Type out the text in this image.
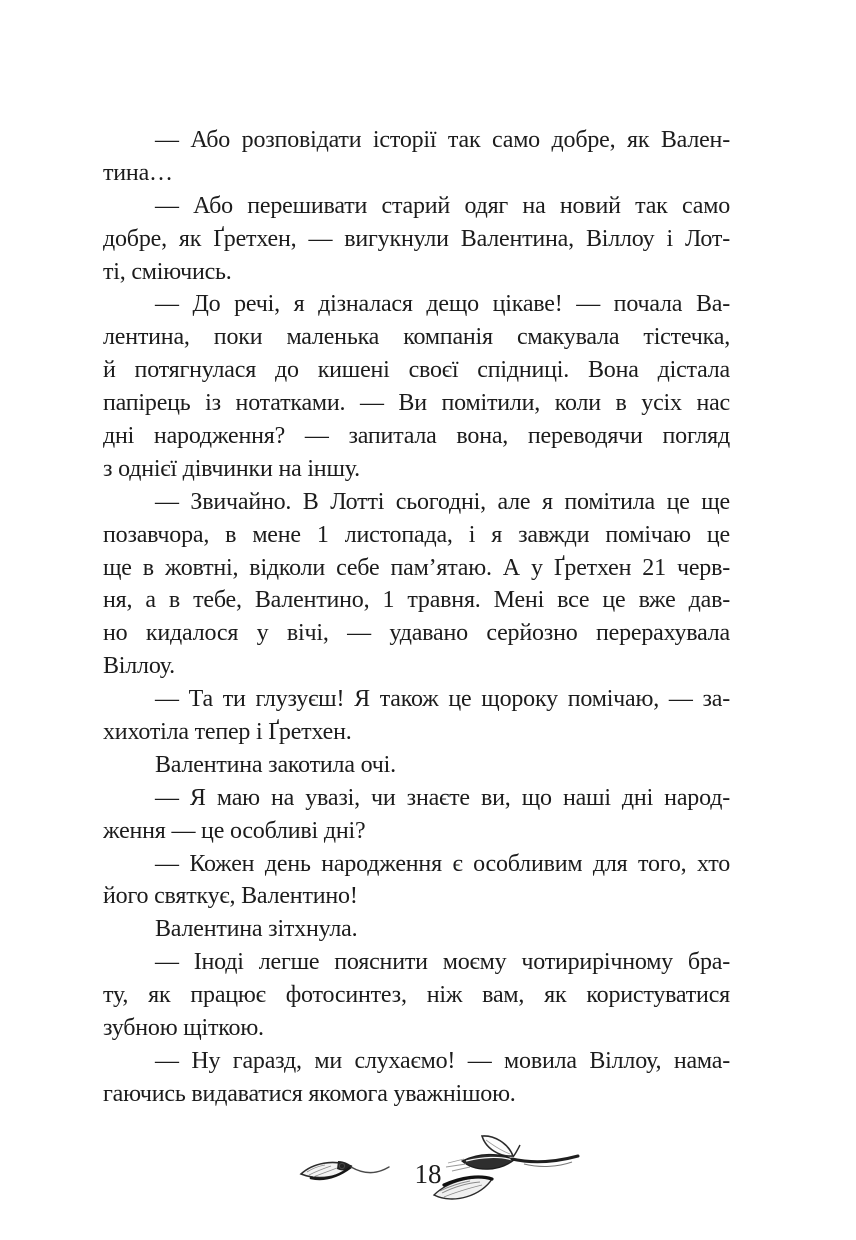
— Або розповідати історії так само добре, як Вален-
тина…
— Або перешивати старий одяг на новий так само
добре, як Ґретхен, — вигукнули Валентина, Віллоу і Лот-
ті, сміючись.
— До речі, я дізналася дещо цікаве! — почала Ва-
лентина, поки маленька компанія смакувала тістечка,
й потягнулася до кишені своєї спідниці. Вона дістала
папірець із нотатками. — Ви помітили, коли в усіх нас
дні народження? — запитала вона, переводячи погляд
з однієї дівчинки на іншу.
— Звичайно. В Лотті сьогодні, але я помітила це ще
позавчора, в мене 1 листопада, і я завжди помічаю це
ще в жовтні, відколи себе пам’ятаю. А у Ґретхен 21 черв-
ня, а в тебе, Валентино, 1 травня. Мені все це вже дав-
но кидалося у вічі, — удавано серйозно перерахувала
Віллоу.
— Та ти глузуєш! Я також це щороку помічаю, — за-
хихотіла тепер і Ґретхен.
Валентина закотила очі.
— Я маю на увазі, чи знаєте ви, що наші дні народ-
ження — це особливі дні?
— Кожен день народження є особливим для того, хто
його святкує, Валентино!
Валентина зітхнула.
— Іноді легше пояснити моєму чотирирічному бра-
ту, як працює фотосинтез, ніж вам, як користуватися
зубною щіткою.
— Ну гаразд, ми слухаємо! — мовила Віллоу, нама-
гаючись видаватися якомога уважнішою.
18
